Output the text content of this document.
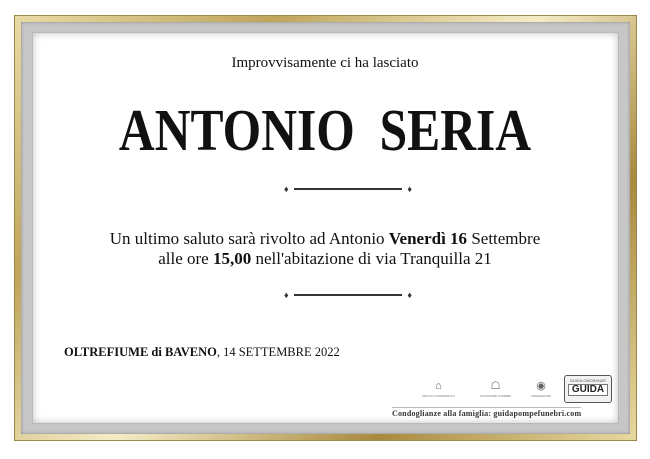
Improvvisamente ci ha lasciato
ANTONIO  SERIA
♦	♦
Un ultimo saluto sarà rivolto ad Antonio Venerdì 16 Settembre
alle ore 15,00 nell'abitazione di via Tranquilla 21
♦	♦
OLTREFIUME di BAVENO, 14 SETTEMBRE 2022
⌂
PRONTO INTERVENTO
☖
ONORANZE FUNEBRI
◉
CREMAZIONE
GUIDA ONORANZE
GUIDA
Condoglianze alla famiglia: guidapompefunebri.com
